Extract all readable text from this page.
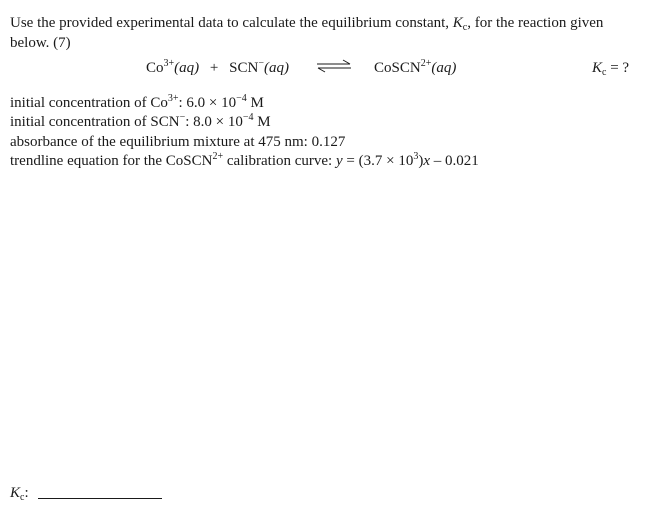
Use the provided experimental data to calculate the equilibrium constant, $K_c$, for the reaction given
below. (7)
$Co^{3+}(aq) + SCN^-(aq)$ ⇌ CoSCN$^{2+}$(aq)	$K_c$ = ?
initial concentration of $Co^{3+}$: $6.0 \times 10^{-4}$ M
initial concentration of SCN−: $8.0 \times 10^{-4}$ M
absorbance of the equilibrium mixture at 475 nm: 0.127
trendline equation for the CoSCN$^{2+}$ calibration curve: $y = (3.7 \times 10^3)x - 0.021$
$K_c$:
